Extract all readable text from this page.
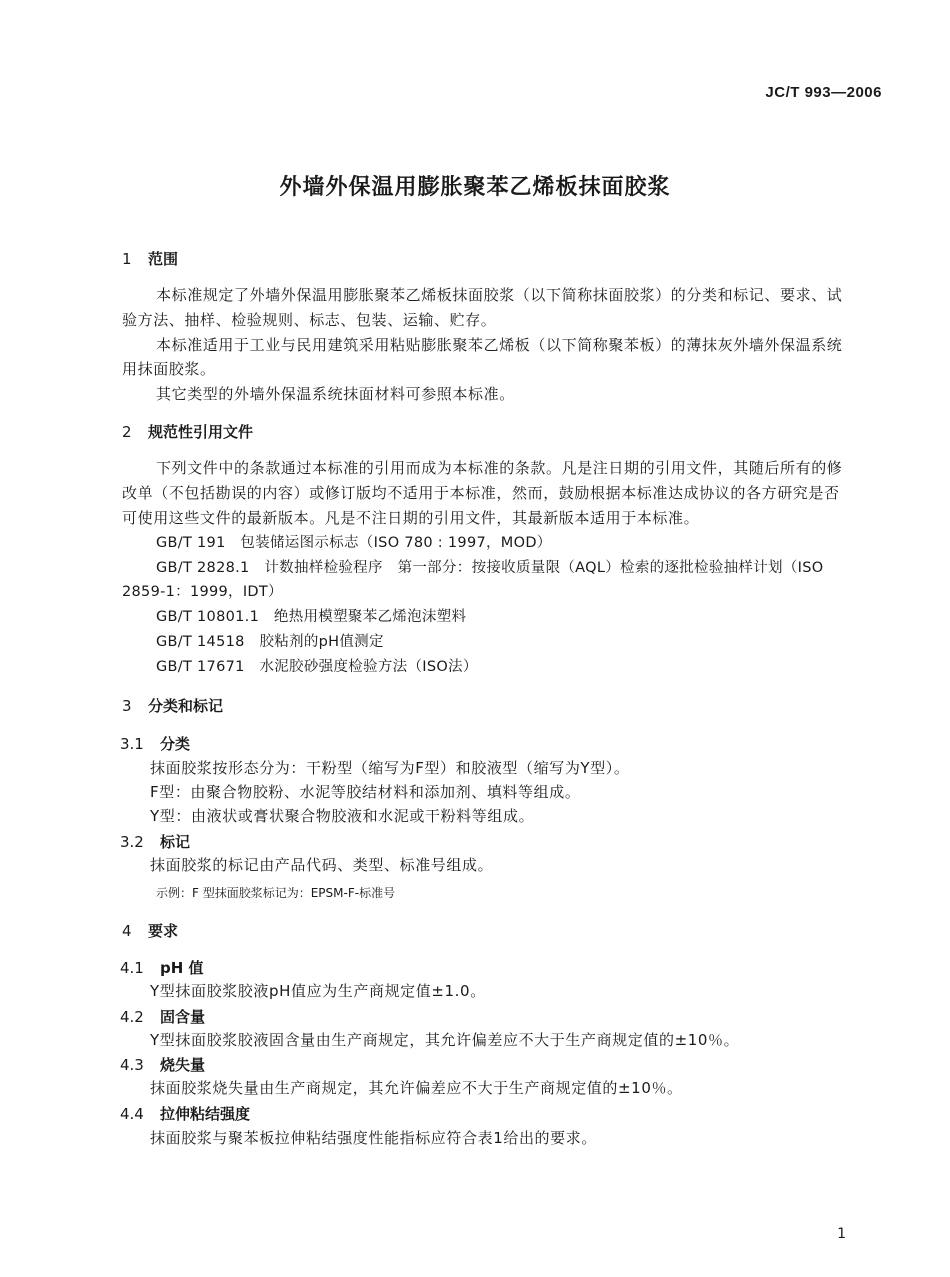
JC/T 993—2006
外墙外保温用膨胀聚苯乙烯板抹面胶浆
1 范围
本标准规定了外墙外保温用膨胀聚苯乙烯板抹面胶浆（以下简称抹面胶浆）的分类和标记、要求、试
验方法、抽样、检验规则、标志、包装、运输、贮存。
本标准适用于工业与民用建筑采用粘贴膨胀聚苯乙烯板（以下简称聚苯板）的薄抹灰外墙外保温系统
用抹面胶浆。
其它类型的外墙外保温系统抹面材料可参照本标准。
2 规范性引用文件
下列文件中的条款通过本标准的引用而成为本标准的条款。凡是注日期的引用文件，其随后所有的修
改单（不包括勘误的内容）或修订版均不适用于本标准，然而，鼓励根据本标准达成协议的各方研究是否
可使用这些文件的最新版本。凡是不注日期的引用文件，其最新版本适用于本标准。
GB/T 191　包装储运图示标志（ISO 780 : 1997，MOD）
GB/T 2828.1　计数抽样检验程序　第一部分：按接收质量限（AQL）检索的逐批检验抽样计划（ISO
2859-1：1999，IDT）
GB/T 10801.1　绝热用模塑聚苯乙烯泡沫塑料
GB/T 14518　胶粘剂的pH值测定
GB/T 17671　水泥胶砂强度检验方法（ISO法）
3 分类和标记
3.1 分类
抹面胶浆按形态分为：干粉型（缩写为F型）和胶液型（缩写为Y型）。
F型：由聚合物胶粉、水泥等胶结材料和添加剂、填料等组成。
Y型：由液状或膏状聚合物胶液和水泥或干粉料等组成。
3.2 标记
抹面胶浆的标记由产品代码、类型、标准号组成。
示例：F 型抹面胶浆标记为：EPSM-F-标准号
4 要求
4.1 pH 值
Y型抹面胶浆胶液pH值应为生产商规定值±1.0。
4.2 固含量
Y型抹面胶浆胶液固含量由生产商规定，其允许偏差应不大于生产商规定值的±10％。
4.3 烧失量
抹面胶浆烧失量由生产商规定，其允许偏差应不大于生产商规定值的±10％。
4.4 拉伸粘结强度
抹面胶浆与聚苯板拉伸粘结强度性能指标应符合表1给出的要求。
1
